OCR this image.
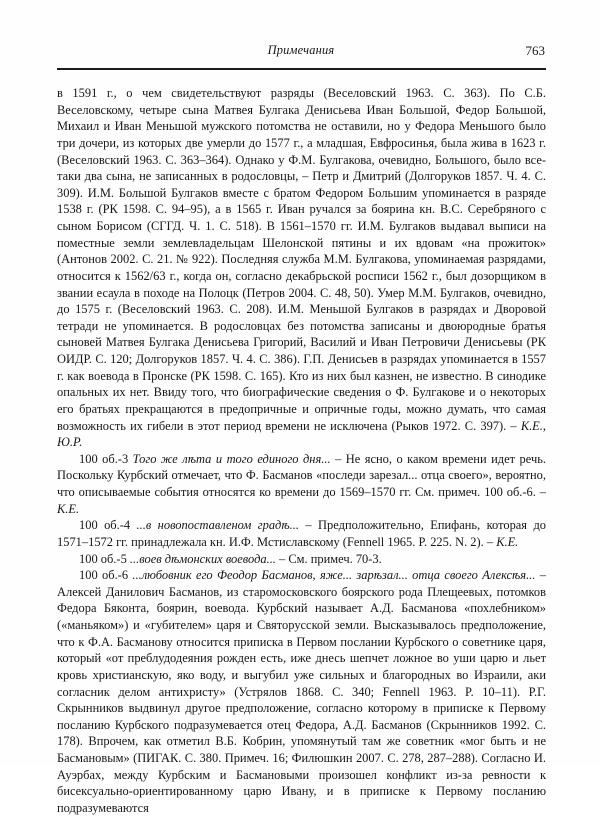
Примечания	763

в 1591 г., о чем свидетельствуют разряды (Веселовский 1963. С. 363). По С.Б. Веселовскому, четыре сына Матвея Булгака Денисьева Иван Большой, Федор Большой, Михаил и Иван Меньшой мужского потомства не оставили, но у Федора Меньшого было три дочери, из которых две умерли до 1577 г., а младшая, Евфросинья, была жива в 1623 г. (Веселовский 1963. С. 363–364). Однако у Ф.М. Булгакова, очевидно, Большого, было все-таки два сына, не записанных в родословцы, – Петр и Дмитрий (Долгоруков 1857. Ч. 4. С. 309). И.М. Большой Булгаков вместе с братом Федором Большим упоминается в разряде 1538 г. (РК 1598. С. 94–95), а в 1565 г. Иван ручался за боярина кн. В.С. Серебряного с сыном Борисом (СГГД. Ч. 1. С. 518). В 1561–1570 гг. И.М. Булгаков выдавал выписи на поместные земли землевладельцам Шелонской пятины и их вдовам «на прожиток» (Антонов 2002. С. 21. № 922). Последняя служба М.М. Булгакова, упоминаемая разрядами, относится к 1562/63 г., когда он, согласно декабрьской росписи 1562 г., был дозорщиком в звании есаула в походе на Полоцк (Петров 2004. С. 48, 50). Умер М.М. Булгаков, очевидно, до 1575 г. (Веселовский 1963. С. 208). И.М. Меньшой Булгаков в разрядах и Дворовой тетради не упоминается. В родословцах без потомства записаны и двоюродные братья сыновей Матвея Булгака Денисьева Григорий, Василий и Иван Петровичи Денисьевы (РК ОИДР. С. 120; Долгоруков 1857. Ч. 4. С. 386). Г.П. Денисьев в разрядах упоминается в 1557 г. как воевода в Пронске (РК 1598. С. 165). Кто из них был казнен, не известно. В синодике опальных их нет. Ввиду того, что биографические сведения о Ф. Булгакове и о некоторых его братьях прекращаются в предопричные и опричные годы, можно думать, что самая возможность их гибели в этот период времени не исключена (Рыков 1972. С. 397). – К.Е., Ю.Р.

100 об.-3 Того же лѣта и того единого дня... – Не ясно, о каком времени идет речь. Поскольку Курбский отмечает, что Ф. Басманов «последи зарезал... отца своего», вероятно, что описываемые события относятся ко времени до 1569–1570 гг. См. примеч. 100 об.-6. – К.Е.

100 об.-4 ...в новопоставленом градѣ... – Предположительно, Епифань, которая до 1571–1572 гг. принадлежала кн. И.Ф. Мстиславскому (Fennell 1965. P. 225. N. 2). – К.Е.

100 об.-5 ...воев дѣмонских воевода... – См. примеч. 70-3.

100 об.-6 ...любовник его Феодор Басманов, яже... зарѣзал... отца своего Алексѣя... – Алексей Данилович Басманов, из старомосковского боярского рода Плещеевых, потомков Федора Бяконта, боярин, воевода. Курбский называет А.Д. Басманова «похлебником» («маньяком») и «губителем» царя и Святорусской земли. Высказывалось предположение, что к Ф.А. Басманову относится приписка в Первом послании Курбского о советнике царя, который «от преблудодеяния рожден есть, иже днесь шепчет ложное во уши царю и льет кровь христианскую, яко воду, и выгубил уже сильных и благородных во Израили, аки согласник делом антихристу» (Устрялов 1868. С. 340; Fennell 1963. P. 10–11). Р.Г. Скрынников выдвинул другое предположение, согласно которому в приписке к Первому посланию Курбского подразумевается отец Федора, А.Д. Басманов (Скрынников 1992. С. 178). Впрочем, как отметил В.Б. Кобрин, упомянутый там же советник «мог быть и не Баcмановым» (ПИГАК. С. 380. Примеч. 16; Филюшкин 2007. С. 278, 287–288). Согласно И. Ауэрбах, между Курбским и Басмановыми произошел конфликт из-за ревности к бисексуально-ориентированному царю Ивану, и в приписке к Первому посланию подразумеваются
